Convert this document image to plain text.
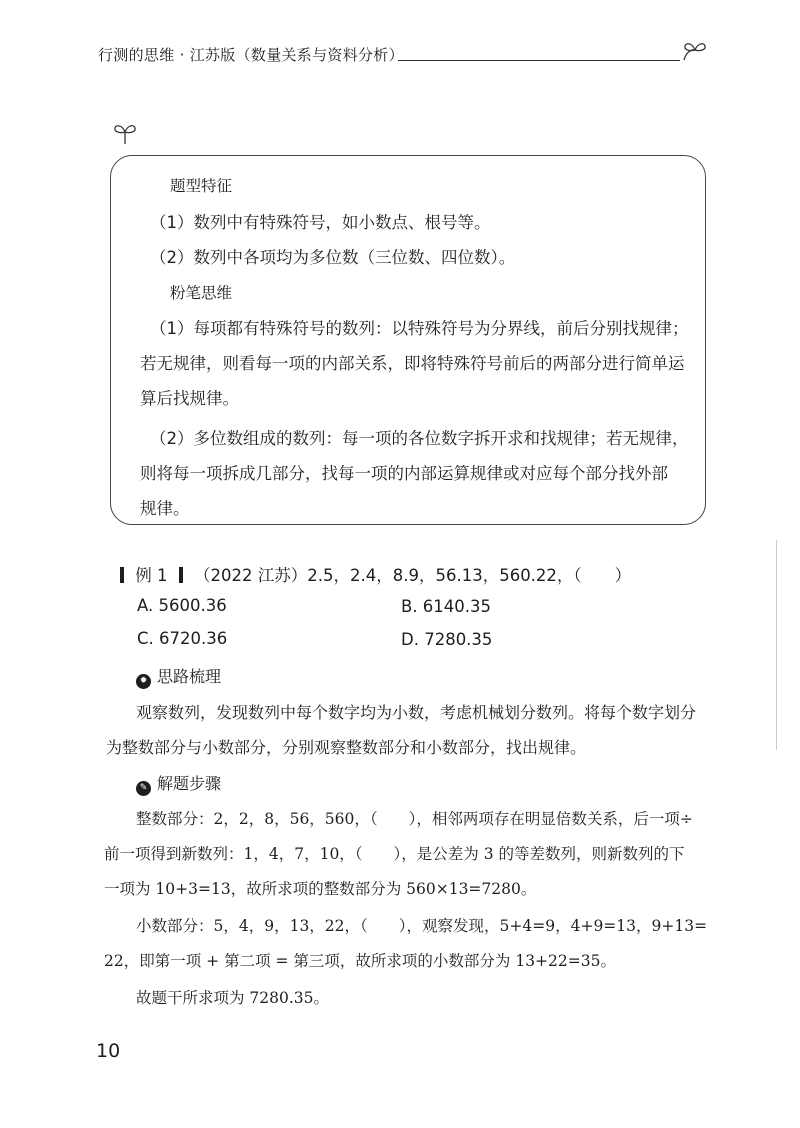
行测的思维 · 江苏版（数量关系与资料分析）
题型特征
（1）数列中有特殊符号，如小数点、根号等。
（2）数列中各项均为多位数（三位数、四位数）。
粉笔思维
（1）每项都有特殊符号的数列：以特殊符号为分界线，前后分别找规律；
若无规律，则看每一项的内部关系，即将特殊符号前后的两部分进行简单运
算后找规律。
（2）多位数组成的数列：每一项的各位数字拆开求和找规律；若无规律，
则将每一项拆成几部分，找每一项的内部运算规律或对应每个部分找外部
规律。
例 1 （2022 江苏）2.5，2.4，8.9，56.13，560.22，（　　）
A. 5600.36	B. 6140.35
C. 6720.36	D. 7280.35
✹ 思路梳理
观察数列，发现数列中每个数字均为小数，考虑机械划分数列。将每个数字划分
为整数部分与小数部分，分别观察整数部分和小数部分，找出规律。
✎ 解题步骤
整数部分：2，2，8，56，560，（　　），相邻两项存在明显倍数关系，后一项÷
前一项得到新数列：1，4，7，10，（　　），是公差为 3 的等差数列，则新数列的下
一项为 10+3=13，故所求项的整数部分为 560×13=7280。
小数部分：5，4，9，13，22，（　　），观察发现，5+4=9，4+9=13，9+13=
22，即第一项 + 第二项 = 第三项，故所求项的小数部分为 13+22=35。
故题干所求项为 7280.35。
10
